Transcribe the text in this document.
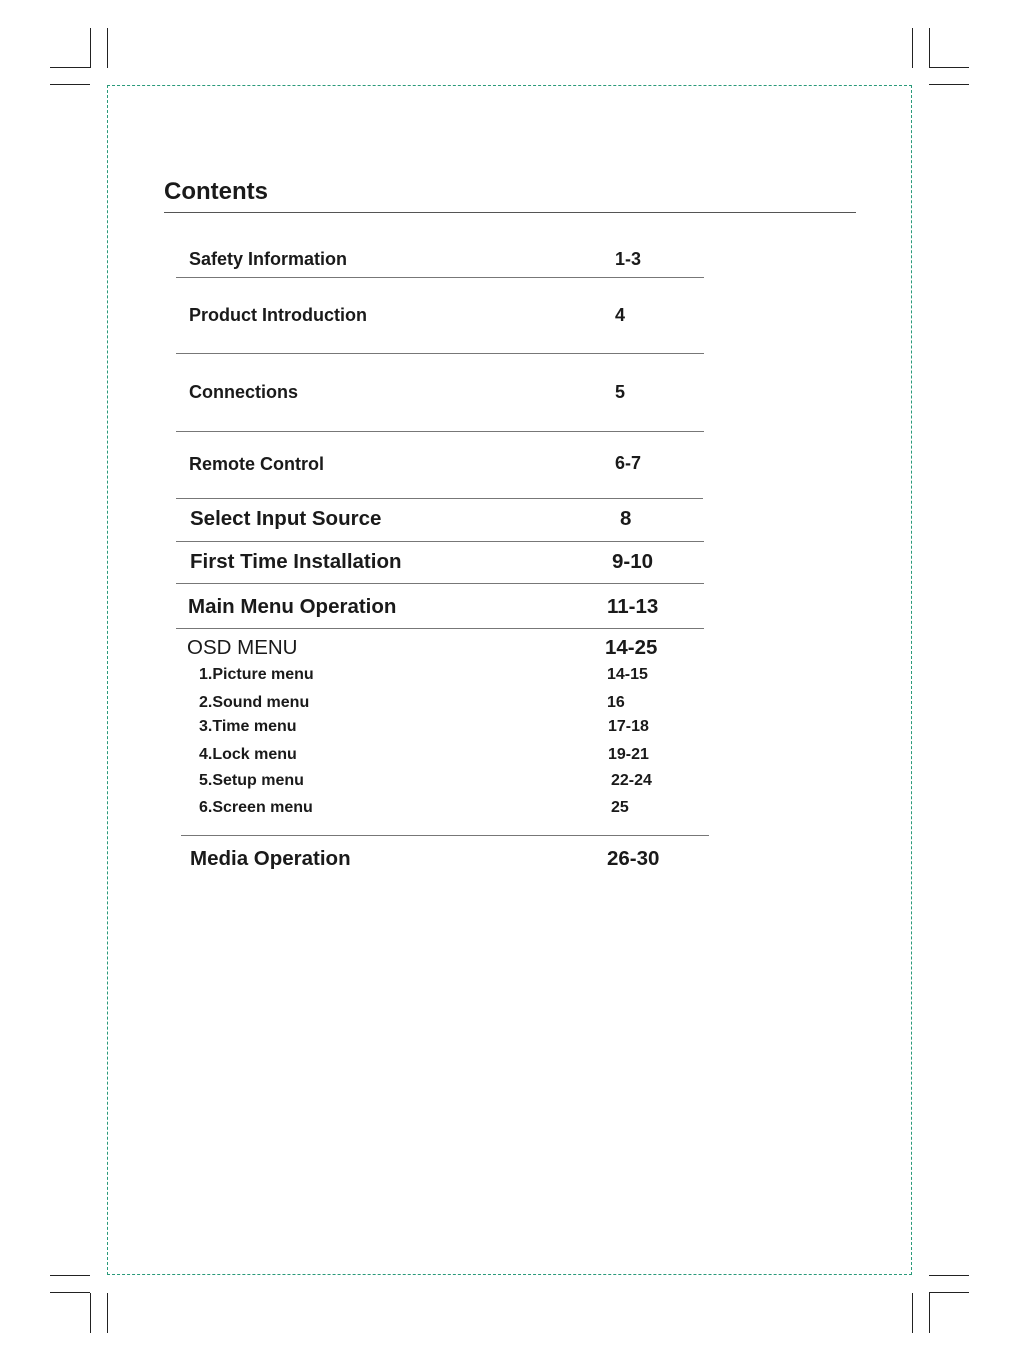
Contents
Safety Information	1-3
Product Introduction	4
Connections	5
Remote Control	6-7
Select Input Source	8
First Time Installation	9-10
Main Menu Operation	11-13
OSD MENU	14-25
1.Picture menu	14-15
2.Sound menu	16
3.Time menu	17-18
4.Lock menu	19-21
5.Setup menu	22-24
6.Screen menu	25
Media Operation	26-30
